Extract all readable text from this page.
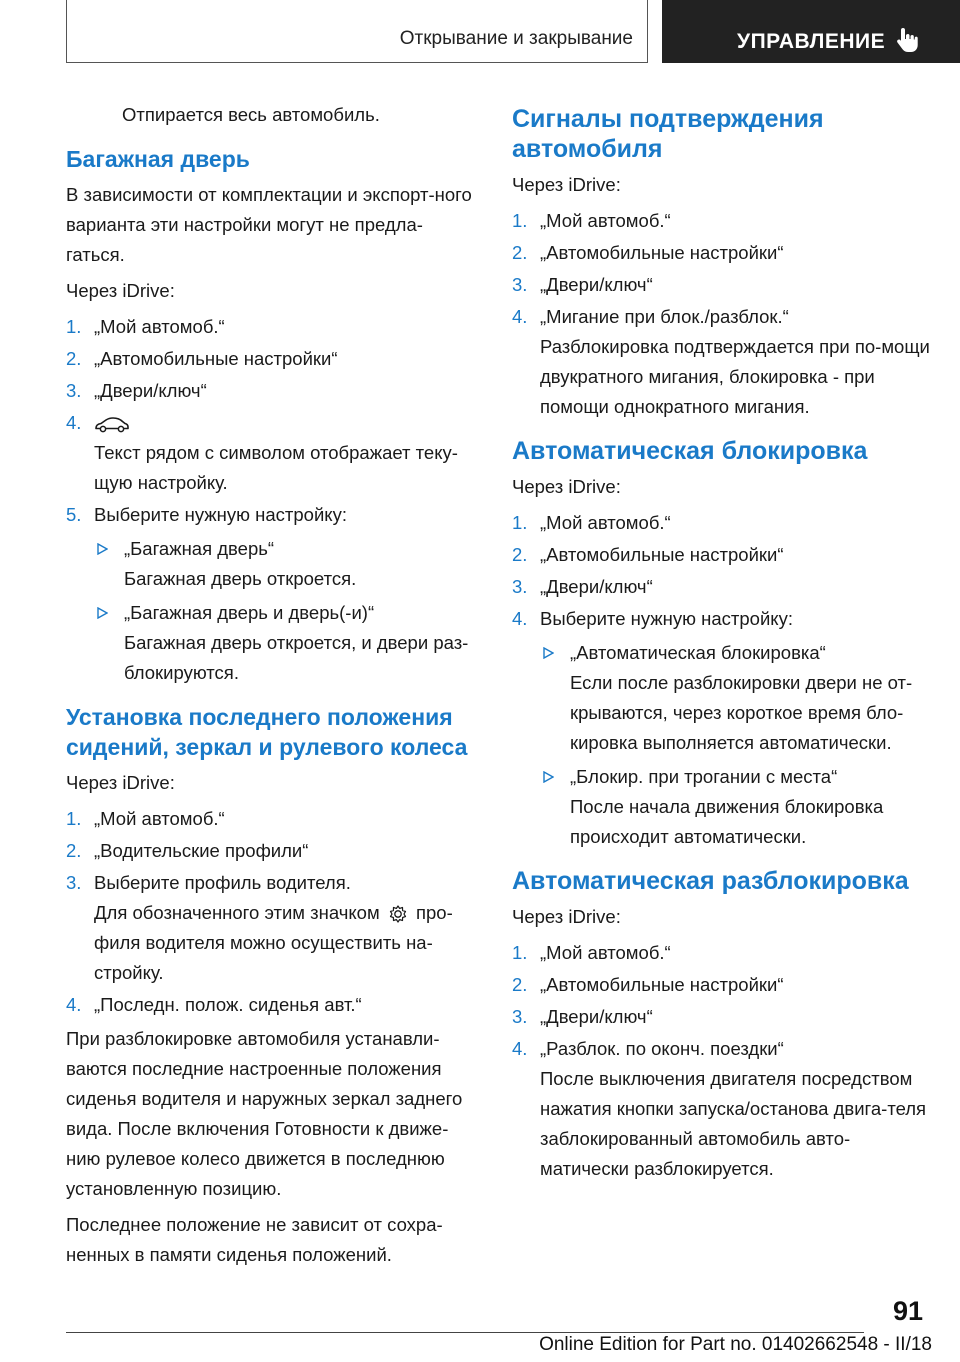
Открывание и закрывание	УПРАВЛЕНИЕ

Отпирается весь автомобиль.

Багажная дверь

В зависимости от комплектации и экспорт-ного варианта эти настройки могут не предла-гаться.

Через iDrive:

1. „Мой автомоб.“
2. „Автомобильные настройки“
3. „Двери/ключ“
4.

Текст рядом с символом отображает теку-щую настройку.

5. Выберите нужную настройку:
„Багажная дверь“
Багажная дверь откроется.
„Багажная дверь и дверь(-и)“
Багажная дверь откроется, и двери раз-блокируются.
Установка последнего положения сидений, зеркал и рулевого колеса

Через iDrive:

1. „Мой автомоб.“
2. „Водительские профили“
3. Выберите профиль водителя.

Для обозначенного этим значком про-филя водителя можно осуществить на-стройку.

4. „Последн. полож. сиденья авт.“

При разблокировке автомобиля устанавли-ваются последние настроенные положения сиденья водителя и наружных зеркал заднего вида. После включения Готовности к движе-нию рулевое колесо движется в последнюю установленную позицию.

Последнее положение не зависит от сохра-ненных в памяти сиденья положений.

Сигналы подтверждения автомобиля

Через iDrive:

1. „Мой автомоб.“
2. „Автомобильные настройки“
3. „Двери/ключ“
4. „Мигание при блок./разблок.“

Разблокировка подтверждается при по-мощи двукратного мигания, блокировка - при помощи однократного мигания.

Автоматическая блокировка

Через iDrive:

1. „Мой автомоб.“
2. „Автомобильные настройки“
3. „Двери/ключ“
4. Выберите нужную настройку:
„Автоматическая блокировка“
Если после разблокировки двери не от-крываются, через короткое время бло-кировка выполняется автоматически.
„Блокир. при трогании с места“
После начала движения блокировка происходит автоматически.
Автоматическая разблокировка

Через iDrive:

1. „Мой автомоб.“
2. „Автомобильные настройки“
3. „Двери/ключ“
4. „Разблок. по оконч. поездки“

После выключения двигателя посредством нажатия кнопки запуска/останова двига-теля заблокированный автомобиль авто-матически разблокируется.

91
Online Edition for Part no. 01402662548 - II/18
